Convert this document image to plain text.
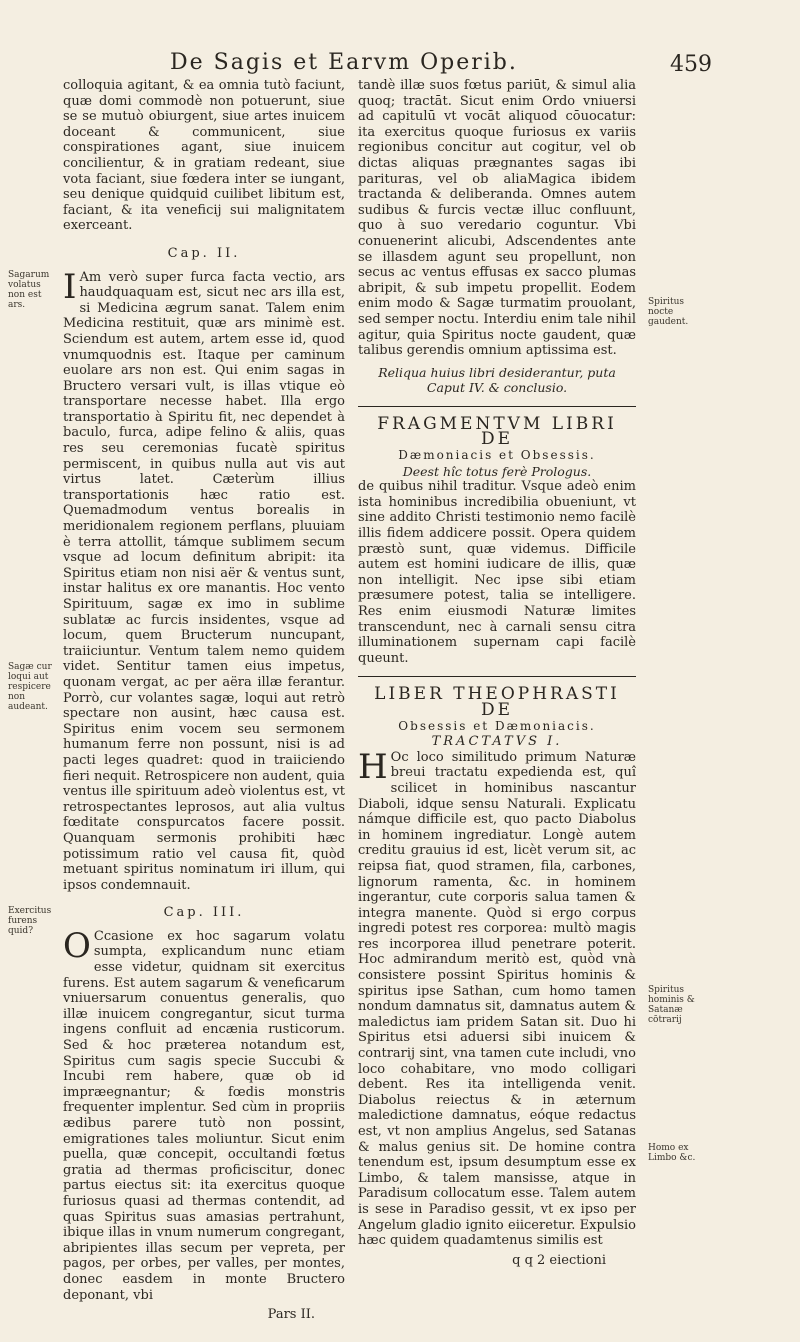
De Sagis et Earvm Operib.	459
Sagarum volatus non est ars.
Sagæ cur loqui aut respicere non audeant.
Exercitus furens quid?
Spiritus nocte gaudent.
Spiritus hominis & Satanæ cōtrarij
Homo ex Limbo &c.

colloquia agitant, & ea omnia tutò faciunt, quæ domi commodè non potuerunt, siue se se mutuò obiurgent, siue artes inuicem doceant & communicent, siue conspirationes agant, siue inuicem concilientur, & in gratiam redeant, siue vota faciant, siue fœdera inter se iungant, seu denique quidquid cuilibet libitum est, faciant, & ita veneficij sui malignitatem exerceant.

Cap. II.

I Am verò super furca facta vectio, ars haudquaquam est, sicut nec ars illa est, si Medicina ægrum sanat. Talem enim Medicina restituit, quæ ars minimè est. Sciendum est autem, artem esse id, quod vnumquodnis est. Itaque per caminum euolare ars non est. Qui enim sagas in Bructero versari vult, is illas vtique eò transportare necesse habet. Illa ergo transportatio à Spiritu fit, nec dependet à baculo, furca, adipe felino & aliis, quas res seu ceremonias fucatè spiritus permiscent, in quibus nulla aut vis aut virtus latet. Cæterùm illius transportationis hæc ratio est. Quemadmodum ventus borealis in meridionalem regionem perflans, pluuiam è terra attollit, támque sublimem secum vsque ad locum definitum abripit: ita Spiritus etiam non nisi aër & ventus sunt, instar halitus ex ore manantis. Hoc vento Spirituum, sagæ ex imo in sublime sublatæ ac furcis insidentes, vsque ad locum, quem Bructerum nuncupant, traiiciuntur. Ventum talem nemo quidem videt. Sentitur tamen eius impetus, quonam vergat, ac per aëra illæ ferantur. Porrò, cur volantes sagæ, loqui aut retrò spectare non ausint, hæc causa est. Spiritus enim vocem seu sermonem humanum ferre non possunt, nisi is ad pacti leges quadret: quod in traiiciendo fieri nequit. Retrospicere non audent, quia ventus ille spirituum adeò violentus est, vt retrospectantes leprosos, aut alia vultus fœditate conspurcatos facere possit. Quanquam sermonis prohibiti hæc potissimum ratio vel causa fit, quòd metuant spiritus nominatum iri illum, qui ipsos condemnauit.

Cap. III.

O Ccasione ex hoc sagarum volatu sumpta, explicandum nunc etiam esse videtur, quidnam sit exercitus furens. Est autem sagarum & veneficarum vniuersarum conuentus generalis, quo illæ inuicem congregantur, sicut turma ingens confluit ad encænia rusticorum. Sed & hoc præterea notandum est, Spiritus cum sagis specie Succubi & Incubi rem habere, quæ ob id impræegnantur; & fœdis monstris frequenter implentur. Sed cùm in propriis ædibus parere tutò non possint, emigrationes tales moliuntur. Sicut enim puella, quæ concepit, occultandi fœtus gratia ad thermas proficiscitur, donec partus eiectus sit: ita exercitus quoque furiosus quasi ad thermas contendit, ad quas Spiritus suas amasias pertrahunt, ibique illas in vnum numerum congregant, abripientes illas secum per vepreta, per pagos, per orbes, per valles, per montes, donec easdem in monte Bructero deponant, vbi

Pars II.

tandè illæ suos fœtus pariūt, & simul alia quoq; tractāt. Sicut enim Ordo vniuersi ad capitulū vt vocāt aliquod cōuocatur: ita exercitus quoque furiosus ex variis regionibus concitur aut cogitur, vel ob dictas aliquas prægnantes sagas ibi parituras, vel ob aliaMagica ibidem tractanda & deliberanda. Omnes autem sudibus & furcis vectæ illuc confluunt, quo à suo veredario coguntur. Vbi conuenerint alicubi, Adscendentes ante se illasdem agunt seu propellunt, non secus ac ventus effusas ex sacco plumas abripit, & sub impetu propellit. Eodem enim modo & Sagæ turmatim prouolant, sed semper noctu. Interdiu enim tale nihil agitur, quia Spiritus nocte gaudent, quæ talibus gerendis omnium aptissima est.

Reliqua huius libri desiderantur, puta Caput IV. & conclusio.

FRAGMENTVM LIBRI DE

Dæmoniacis et Obsessis.

Deest hîc totus ferè Prologus.

de quibus nihil traditur. Vsque adeò enim ista hominibus incredibilia obueniunt, vt sine addito Christi testimonio nemo facilè illis fidem addicere possit. Opera quidem præstò sunt, quæ videmus. Difficile autem est homini iudicare de illis, quæ non intelligit. Nec ipse sibi etiam præsumere potest, talia se intelligere. Res enim eiusmodi Naturæ limites transcendunt, nec à carnali sensu citra illuminationem supernam capi facilè queunt.

LIBER THEOPHRASTI DE

Obsessis et Dæmoniacis.

TRACTATVS I.

H Oc loco similitudo primum Naturæ breui tractatu expedienda est, quî scilicet in hominibus nascantur Diaboli, idque sensu Naturali. Explicatu námque difficile est, quo pacto Diabolus in hominem ingrediatur. Longè autem creditu grauius id est, licèt verum sit, ac reipsa fiat, quod stramen, fila, carbones, lignorum ramenta, &c. in hominem ingerantur, cute corporis salua tamen & integra manente. Quòd si ergo corpus ingredi potest res corporea: multò magis res incorporea illud penetrare poterit. Hoc admirandum meritò est, quòd vnà consistere possint Spiritus hominis & spiritus ipse Sathan, cum homo tamen nondum damnatus sit, damnatus autem & maledictus iam pridem Satan sit. Duo hi Spiritus etsi aduersi sibi inuicem & contrarij sint, vna tamen cute includi, vno loco cohabitare, vno modo colligari debent. Res ita intelligenda venit. Diabolus reiectus & in æternum maledictione damnatus, eóque redactus est, vt non amplius Angelus, sed Satanas & malus genius sit. De homine contra tenendum est, ipsum desumptum esse ex Limbo, & talem mansisse, atque in Paradisum collocatum esse. Talem autem is sese in Paradiso gessit, vt ex ipso per Angelum gladio ignito eiiceretur. Expulsio hæc quidem quadamtenus similis est

q q 2 eiectioni
